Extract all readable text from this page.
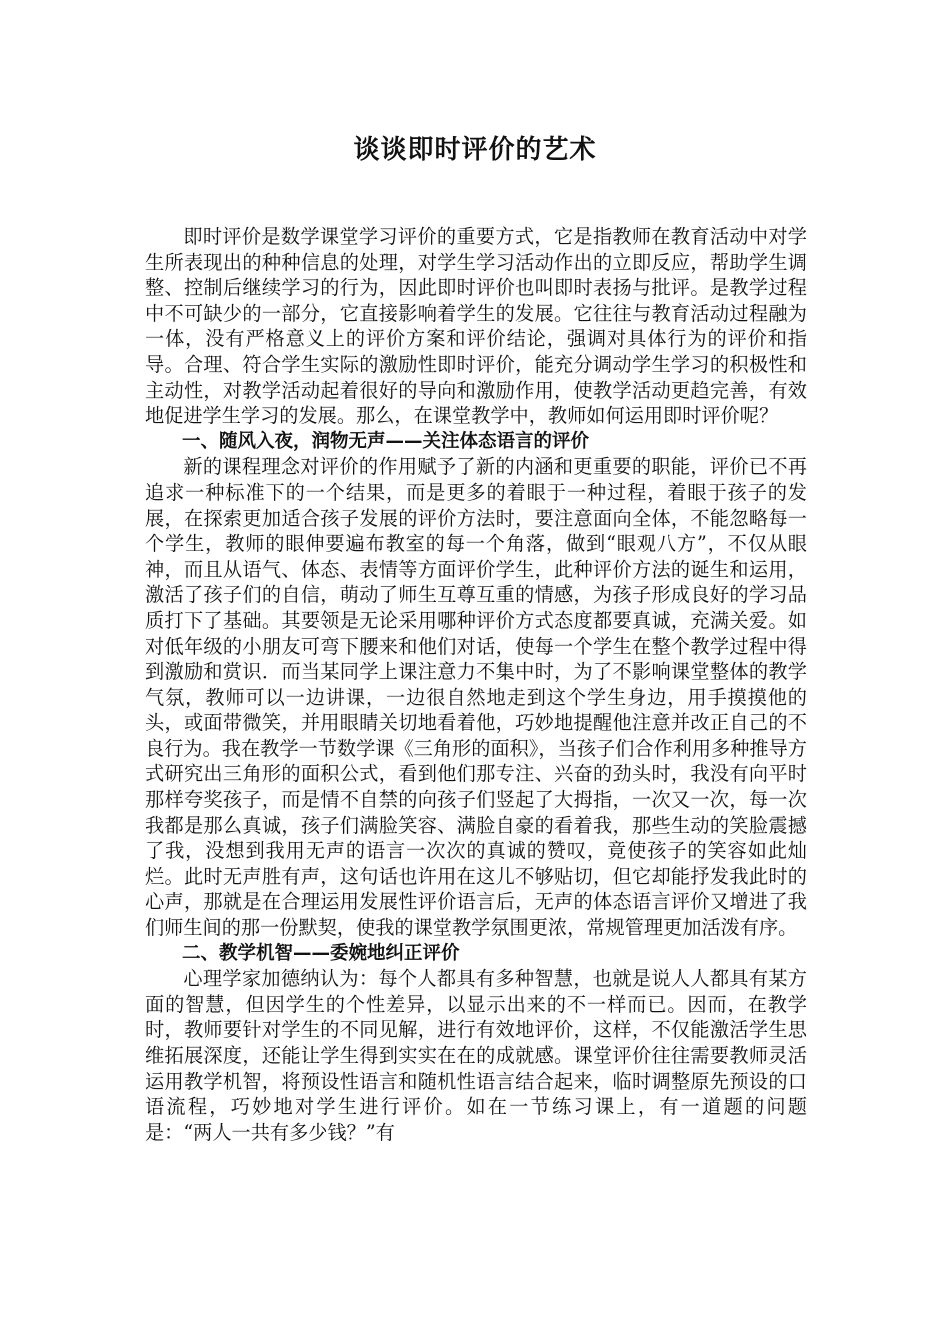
谈谈即时评价的艺术

即时评价是数学课堂学习评价的重要方式，它是指教师在教育活动中对学生所表现出的种种信息的处理，对学生学习活动作出的立即反应，帮助学生调整、控制后继续学习的行为，因此即时评价也叫即时表扬与批评。是教学过程中不可缺少的一部分，它直接影响着学生的发展。它往往与教育活动过程融为一体，没有严格意义上的评价方案和评价结论，强调对具体行为的评价和指导。合理、符合学生实际的激励性即时评价，能充分调动学生学习的积极性和主动性，对教学活动起着很好的导向和激励作用，使教学活动更趋完善，有效地促进学生学习的发展。那么，在课堂教学中，教师如何运用即时评价呢？

一、随风入夜，润物无声——关注体态语言的评价

新的课程理念对评价的作用赋予了新的内涵和更重要的职能，评价已不再追求一种标准下的一个结果，而是更多的着眼于一种过程，着眼于孩子的发展，在探索更加适合孩子发展的评价方法时，要注意面向全体，不能忽略每一个学生，教师的眼伸要遍布教室的每一个角落，做到“眼观八方”，不仅从眼神，而且从语气、体态、表情等方面评价学生，此种评价方法的诞生和运用，激活了孩子们的自信，萌动了师生互尊互重的情感，为孩子形成良好的学习品质打下了基础。其要领是无论采用哪种评价方式态度都要真诚，充满关爱。如对低年级的小朋友可弯下腰来和他们对话，使每一个学生在整个教学过程中得到激励和赏识．而当某同学上课注意力不集中时，为了不影响课堂整体的教学气氛，教师可以一边讲课，一边很自然地走到这个学生身边，用手摸摸他的头，或面带微笑，并用眼睛关切地看着他，巧妙地提醒他注意并改正自己的不良行为。我在教学一节数学课《三角形的面积》，当孩子们合作利用多种推导方式研究出三角形的面积公式，看到他们那专注、兴奋的劲头时，我没有向平时那样夸奖孩子，而是情不自禁的向孩子们竖起了大拇指，一次又一次，每一次我都是那么真诚，孩子们满脸笑容、满脸自豪的看着我，那些生动的笑脸震撼了我，没想到我用无声的语言一次次的真诚的赞叹，竟使孩子的笑容如此灿烂。此时无声胜有声，这句话也许用在这儿不够贴切，但它却能抒发我此时的心声，那就是在合理运用发展性评价语言后，无声的体态语言评价又增进了我们师生间的那一份默契，使我的课堂教学氛围更浓，常规管理更加活泼有序。

二、教学机智——委婉地纠正评价

心理学家加德纳认为：每个人都具有多种智慧，也就是说人人都具有某方面的智慧，但因学生的个性差异，以显示出来的不一样而已。因而，在教学时，教师要针对学生的不同见解，进行有效地评价，这样，不仅能激活学生思维拓展深度，还能让学生得到实实在在的成就感。课堂评价往往需要教师灵活运用教学机智，将预设性语言和随机性语言结合起来，临时调整原先预设的口语流程，巧妙地对学生进行评价。如在一节练习课上，有一道题的问题是：“两人一共有多少钱？”有
